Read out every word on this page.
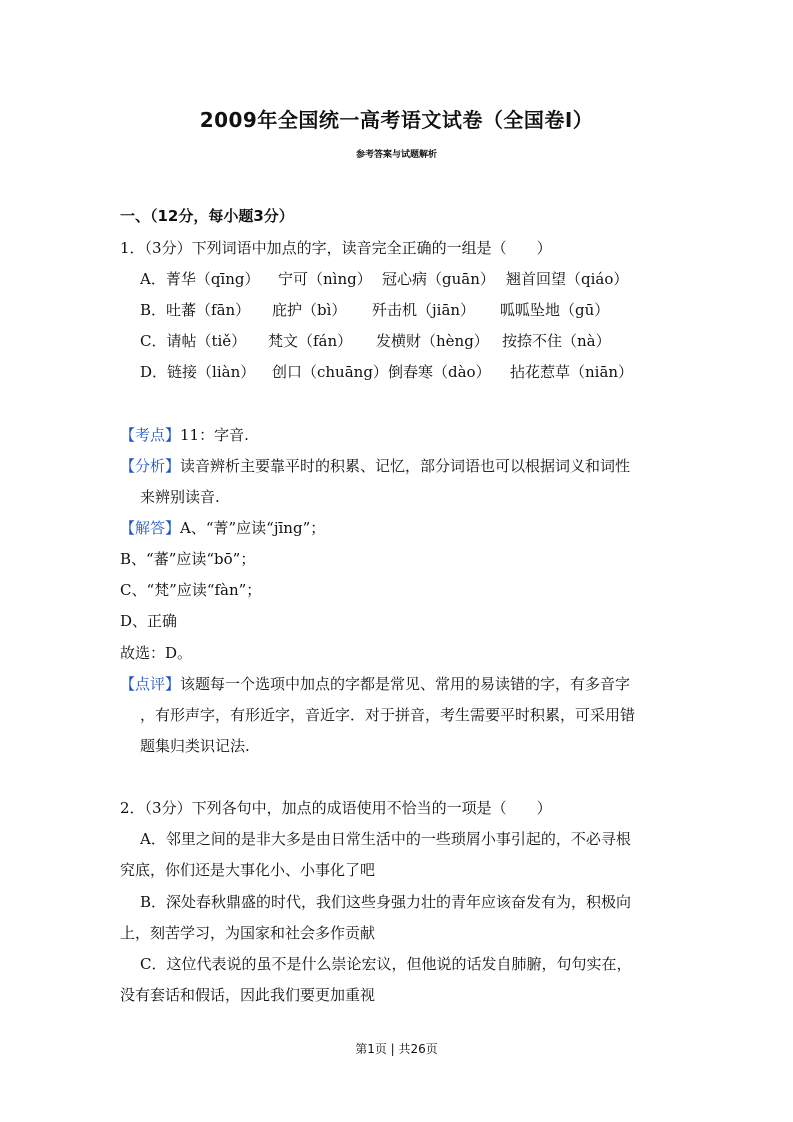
2009年全国统一高考语文试卷（全国卷Ⅰ）
参考答案与试题解析
一、（12分，每小题3分）
1．（3分）下列词语中加点的字，读音完全正确的一组是（　　）
A．菁华（qīng） 宁可（nìng） 冠心病（guān） 翘首回望（qiáo）
B．吐蕃（fān） 庇护（bì） 歼击机（jiān） 呱呱坠地（gū）
C．请帖（tiě） 梵文（fán） 发横财（hèng） 按捺不住（nà）
D．链接（liàn） 创口（chuāng）倒春寒（dào） 拈花惹草（niān）
【考点】11：字音.
【分析】读音辨析主要靠平时的积累、记忆，部分词语也可以根据词义和词性
来辨别读音.
【解答】A、“菁”应读“jīng”；
B、“蕃”应读“bō”；
C、“梵”应读“fàn”；
D、正确
故选：D。
【点评】该题每一个选项中加点的字都是常见、常用的易读错的字，有多音字
，有形声字，有形近字，音近字．对于拼音，考生需要平时积累，可采用错
题集归类识记法.
2．（3分）下列各句中，加点的成语使用不恰当的一项是（　　）
A．邻里之间的是非大多是由日常生活中的一些琐屑小事引起的，不必寻根
究底，你们还是大事化小、小事化了吧
B．深处春秋鼎盛的时代，我们这些身强力壮的青年应该奋发有为，积极向
上，刻苦学习，为国家和社会多作贡献
C．这位代表说的虽不是什么崇论宏议，但他说的话发自肺腑，句句实在，
没有套话和假话，因此我们要更加重视
第1页 | 共26页
